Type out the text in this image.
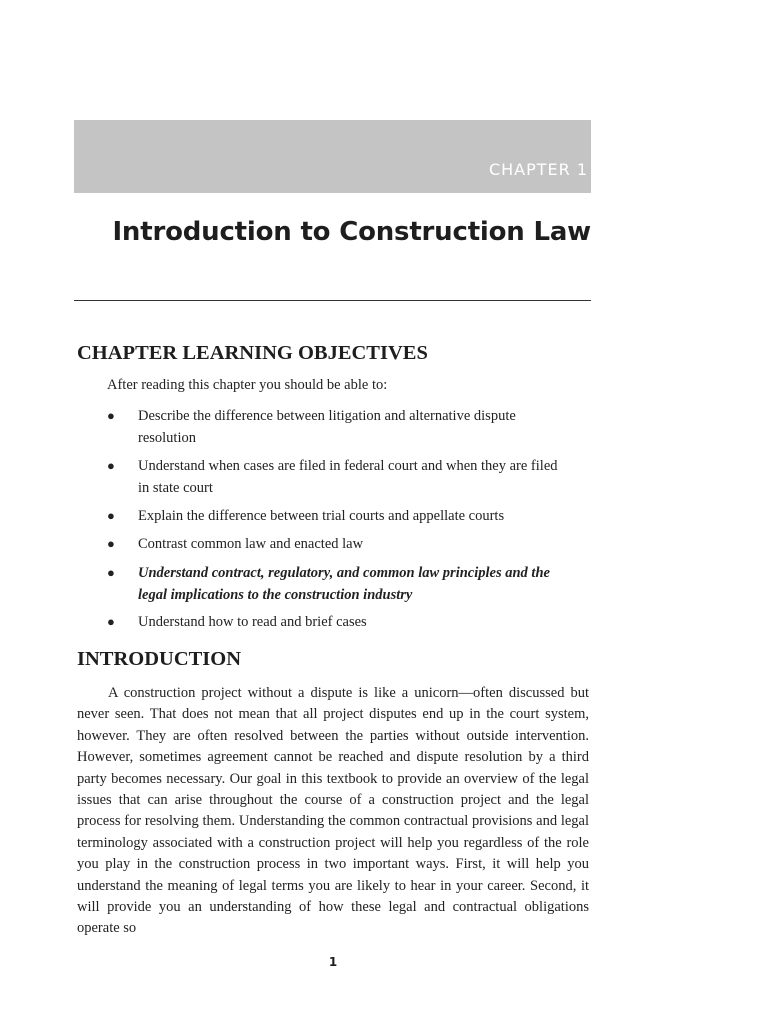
CHAPTER 1
Introduction to Construction Law
CHAPTER LEARNING OBJECTIVES

After reading this chapter you should be able to:

● Describe the difference between litigation and alternative dispute resolution
● Understand when cases are filed in federal court and when they are filed in state court
● Explain the difference between trial courts and appellate courts
● Contrast common law and enacted law
● Understand contract, regulatory, and common law principles and the legal implications to the construction industry
● Understand how to read and brief cases
INTRODUCTION

A construction project without a dispute is like a unicorn—often discussed but never seen. That does not mean that all project disputes end up in the court system, however. They are often resolved between the parties without outside intervention. However, sometimes agreement cannot be reached and dispute resolution by a third party becomes necessary. Our goal in this textbook to provide an overview of the legal issues that can arise throughout the course of a construction project and the legal process for resolving them. Understanding the common contractual provisions and legal terminology associated with a construction project will help you regardless of the role you play in the construction process in two important ways. First, it will help you understand the meaning of legal terms you are likely to hear in your career. Second, it will provide you an understanding of how these legal and contractual obligations operate so

1
